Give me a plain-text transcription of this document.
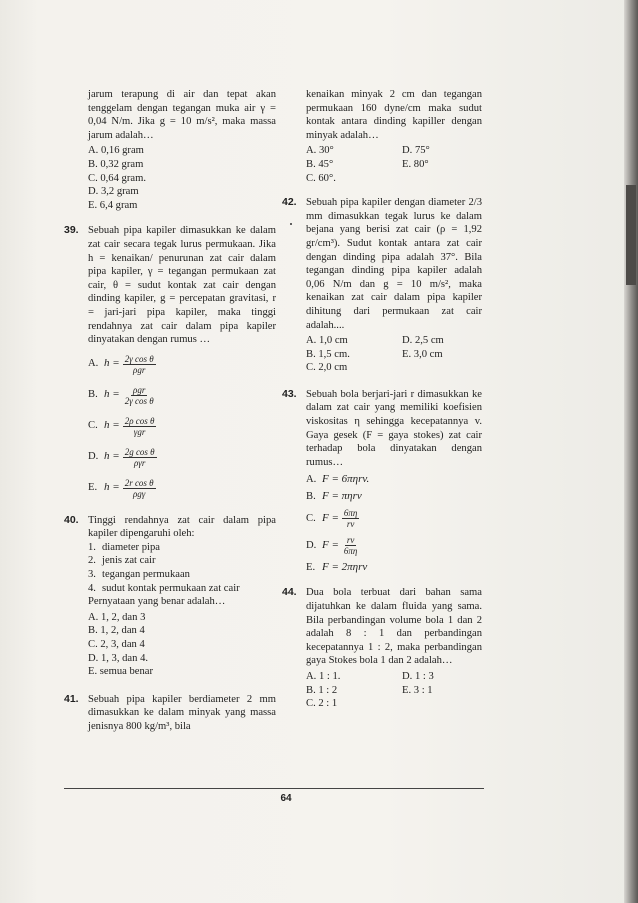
jarum terapung di air dan tepat akan tenggelam dengan tegangan muka air γ = 0,04 N/m. Jika g = 10 m/s², maka massa jarum adalah…

A. 0,16 gram
B. 0,32 gram
C. 0,64 gram.
D. 3,2 gram
E. 6,4 gram
39. Sebuah pipa kapiler dimasukkan ke dalam zat cair secara tegak lurus permukaan. Jika h = kenaikan/ penurunan zat cair dalam pipa kapiler, γ = tegangan permukaan zat cair, θ = sudut kontak zat cair dengan dinding kapiler, g = percepatan gravitasi, r = jari-jari pipa kapiler, maka tinggi rendahnya zat cair dalam pipa kapiler dinyatakan dengan rumus …

A. $h = \frac{\text{2γ cos θ}}{\text{ρgr}}$
B. $h = \frac{\text{ρgr}}{\text{2γ cos θ}}$
C. $h = \frac{\text{2ρ cos θ}}{\text{γgr}}$
D. $h = \frac{\text{2g cos θ}}{\text{ργr}}$
E. $h = \frac{\text{2r cos θ}}{\text{ρgγ}}$
40. Tinggi rendahnya zat cair dalam pipa kapiler dipengaruhi oleh:

1. diameter pipa
2. jenis zat cair
3. tegangan permukaan
4. sudut kontak permukaan zat cair

Pernyataan yang benar adalah…

A. 1, 2, dan 3
B. 1, 2, dan 4
C. 2, 3, dan 4
D. 1, 3, dan 4.
E. semua benar
41. Sebuah pipa kapiler berdiameter 2 mm dimasukkan ke dalam minyak yang massa jenisnya 800 kg/m³, bila

kenaikan minyak 2 cm dan tegangan permukaan 160 dyne/cm maka sudut kontak antara dinding kapiller dengan minyak adalah…

A. 30°	D. 75°
B. 45°	E. 80°
C. 60°.
42. Sebuah pipa kapiler dengan diameter 2/3 mm dimasukkan tegak lurus ke dalam bejana yang berisi zat cair (ρ = 1,92 gr/cm³). Sudut kontak antara zat cair dengan dinding pipa adalah 37°. Bila tegangan dinding pipa kapiler adalah 0,06 N/m dan g = 10 m/s², maka kenaikan zat cair dalam pipa kapiler dihitung dari permukaan zat cair adalah....

A. 1,0 cm	D. 2,5 cm
B. 1,5 cm.	E. 3,0 cm
C. 2,0 cm
43. Sebuah bola berjari-jari r dimasukkan ke dalam zat cair yang memiliki koefisien viskositas η sehingga kecepatannya v. Gaya gesek (F = gaya stokes) zat cair terhadap bola dinyatakan dengan rumus…

A. F = 6πηrv.
B. F = πηrv
C. $F = \frac{6\pi\eta}{rv}$
D. $F = \frac{rv}{6\pi\eta}$
E. F = 2πηrv
44. Dua bola terbuat dari bahan sama dijatuhkan ke dalam fluida yang sama. Bila perbandingan volume bola 1 dan 2 adalah 8 : 1 dan perbandingan kecepatannya 1 : 2, maka perbandingan gaya Stokes bola 1 dan 2 adalah…

A. 1 : 1.	D. 1 : 3
B. 1 : 2	E. 3 : 1
C. 2 : 1
64
